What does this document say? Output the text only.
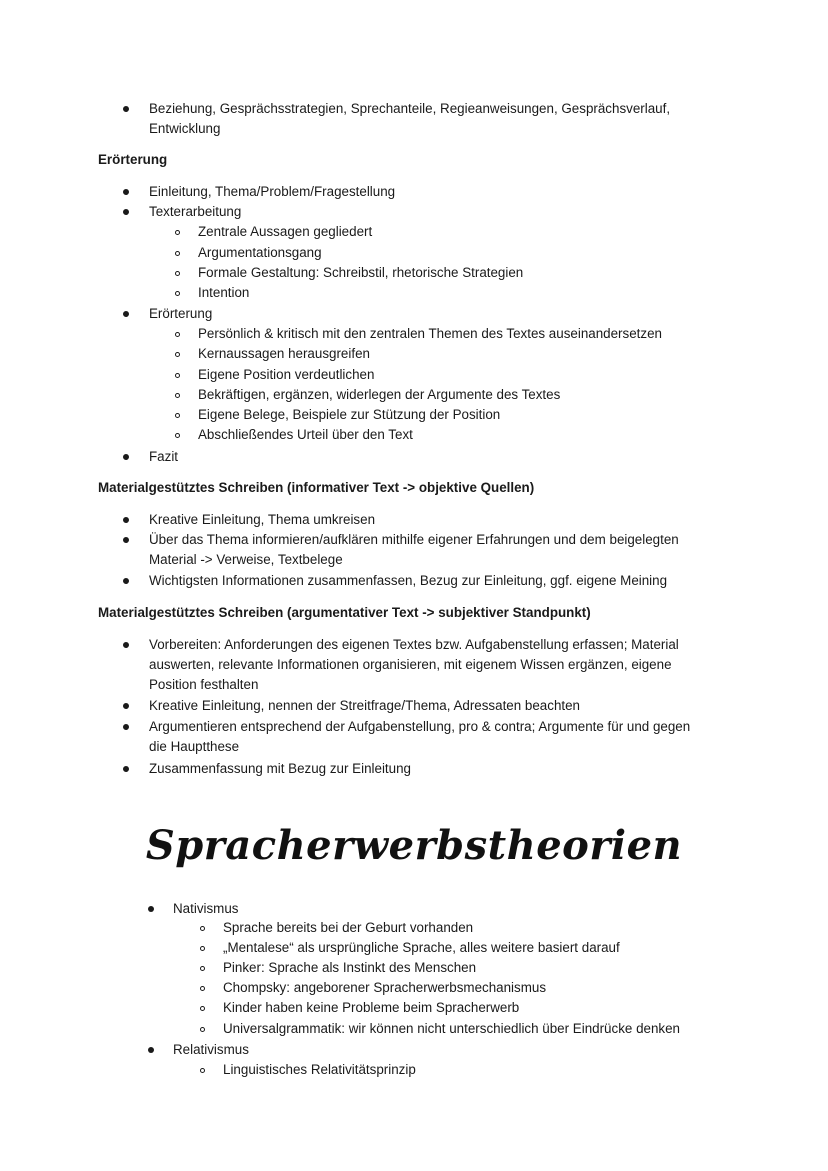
Beziehung, Gesprächsstrategien, Sprechanteile, Regieanweisungen, Gesprächsverlauf,
Entwicklung
Erörterung
Einleitung, Thema/Problem/Fragestellung
Texterarbeitung
Zentrale Aussagen gegliedert
Argumentationsgang
Formale Gestaltung: Schreibstil, rhetorische Strategien
Intention
Erörterung
Persönlich & kritisch mit den zentralen Themen des Textes auseinandersetzen
Kernaussagen herausgreifen
Eigene Position verdeutlichen
Bekräftigen, ergänzen, widerlegen der Argumente des Textes
Eigene Belege, Beispiele zur Stützung der Position
Abschließendes Urteil über den Text
Fazit
Materialgestütztes Schreiben (informativer Text -> objektive Quellen)
Kreative Einleitung, Thema umkreisen
Über das Thema informieren/aufklären mithilfe eigener Erfahrungen und dem beigelegten
Material -> Verweise, Textbelege
Wichtigsten Informationen zusammenfassen, Bezug zur Einleitung, ggf. eigene Meining
Materialgestütztes Schreiben (argumentativer Text -> subjektiver Standpunkt)
Vorbereiten: Anforderungen des eigenen Textes bzw. Aufgabenstellung erfassen; Material
auswerten, relevante Informationen organisieren, mit eigenem Wissen ergänzen, eigene
Position festhalten
Kreative Einleitung, nennen der Streitfrage/Thema, Adressaten beachten
Argumentieren entsprechend der Aufgabenstellung, pro & contra; Argumente für und gegen
die Hauptthese
Zusammenfassung mit Bezug zur Einleitung
Spracherwerbstheorien
Nativismus
Sprache bereits bei der Geburt vorhanden
„Mentalese“ als ursprüngliche Sprache, alles weitere basiert darauf
Pinker: Sprache als Instinkt des Menschen
Chompsky: angeborener Spracherwerbsmechanismus
Kinder haben keine Probleme beim Spracherwerb
Universalgrammatik: wir können nicht unterschiedlich über Eindrücke denken
Relativismus
Linguistisches Relativitätsprinzip
